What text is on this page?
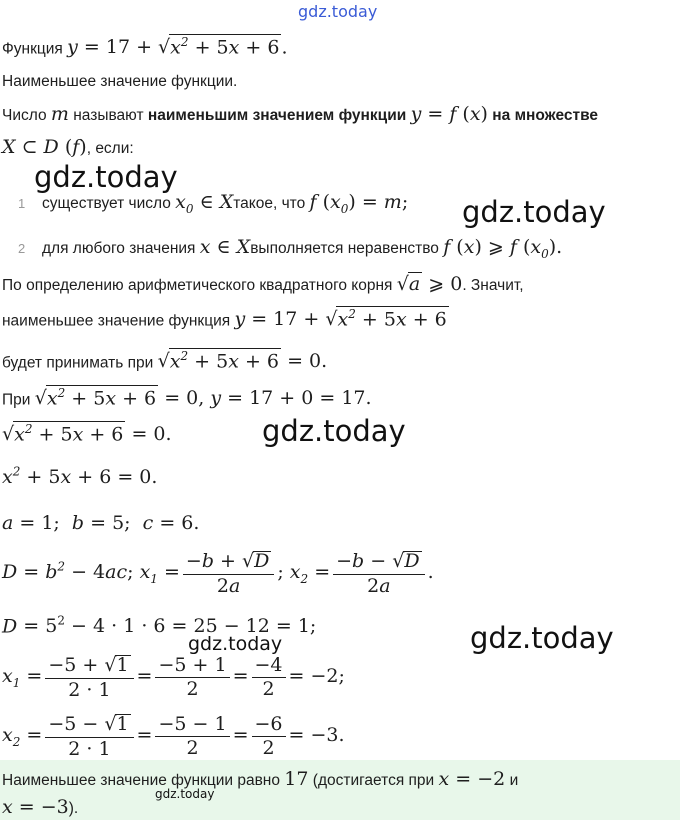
gdz.today
Функция $y = 17 + √x^2 + 5x + 6$ .
Наименьшее значение функции.
Число m называют наименьшим значением функции y = f (x) на множестве
X ⊂ D (f), если:
gdz.today
1 существует число $x_0$ ∈ Xтакое, что f $(x_0) = m$; gdz.today
2 для любого значения x ∈ Xвыполняется неравенство f (x) ⩾ f $(x_0)$.
По определению арифметического квадратного корня √a ⩾ 0. Значит,
наименьшее значение функция $y = 17 + √x^2 + 5x + 6$
будет принимать при $√x^2 + 5x + 6 = 0$.
При $√x^2 + 5x + 6 = 0$, y = 17 + 0 = 17.
$√x^2 + 5x + 6 = 0$.	gdz.today
$x^2 + 5x + 6 = 0$.
a = 1;  b = 5;  c = 6.
$D = b^2 - 4ac$; $x_1 = \frac{-b + √D}{2a}$ ; $x_2 = \frac{-b - √D}{2a}$ .
$D = 5^2 - 4 \cdot 1 \cdot 6 = 25 - 12 = 1$;
gdz.today	gdz.today
$x_1 = \frac{-5 + √1}{2 \cdot 1} = \frac{-5 + 1}{2} = \frac{-4}{2} = -2$;
$x_2 = \frac{-5 - √1}{2 \cdot 1} = \frac{-5 - 1}{2} = \frac{-6}{2} = -3$.
Наименьшее значение функции равно 17 (достигается при x = −2 и
gdz.today
x = −3).
